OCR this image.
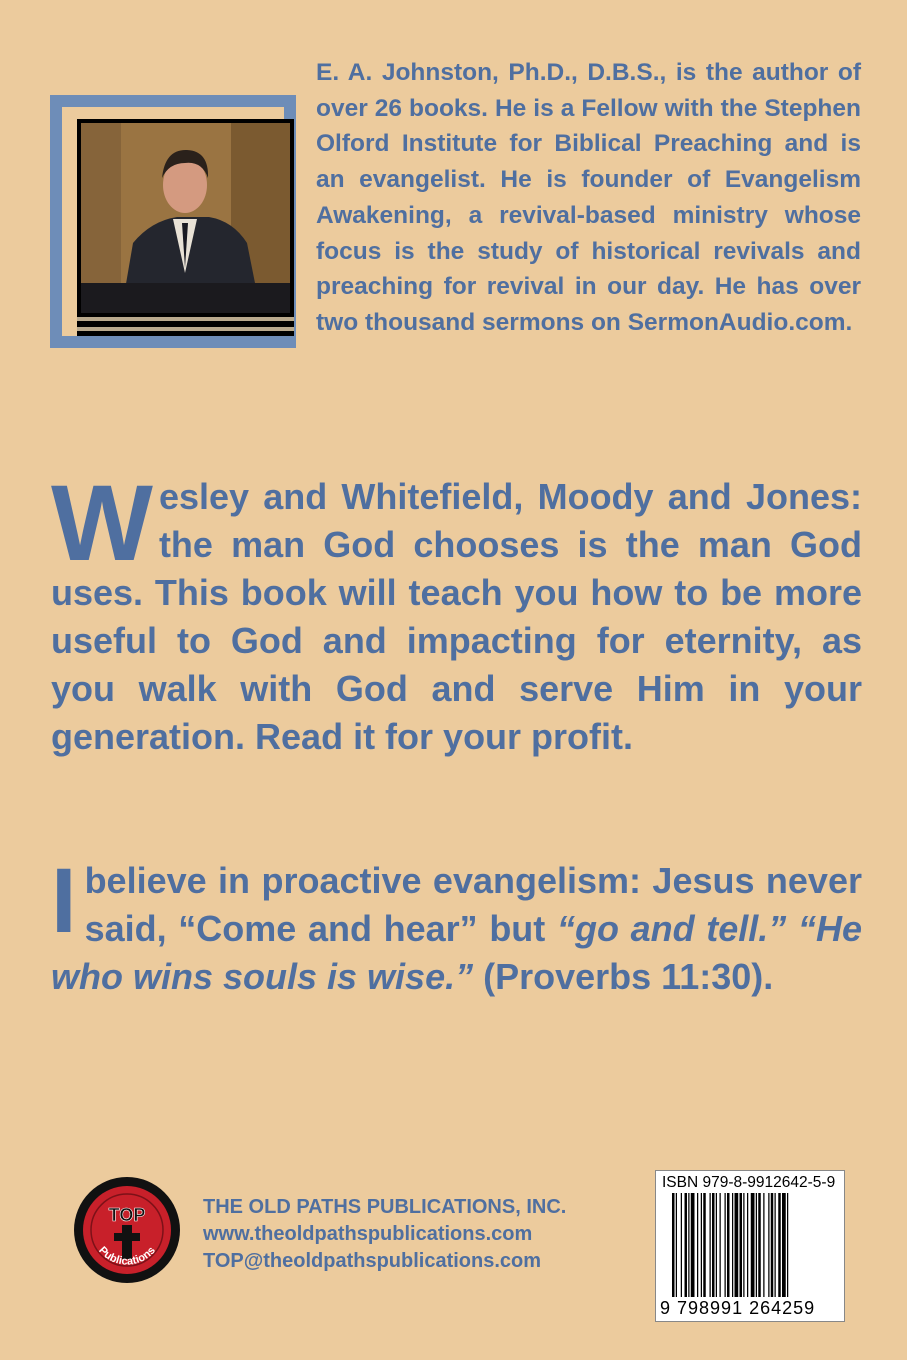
E. A. Johnston, Ph.D., D.B.S., is the author of over 26 books. He is a Fellow with the Stephen Olford Institute for Biblical Preaching and is an evangelist. He is founder of Evangelism Awakening, a revival-based ministry whose focus is the study of historical revivals and preaching for revival in our day. He has over two thousand sermons on SermonAudio.com.
Wesley and Whitefield, Moody and Jones: the man God chooses is the man God uses. This book will teach you how to be more useful to God and impacting for eternity, as you walk with God and serve Him in your generation. Read it for your profit.
Ibelieve in proactive evangelism: Jesus never said, “Come and hear” but “go and tell.” “He who wins souls is wise.” (Proverbs 11:30).
TOP
Publications
THE OLD PATHS PUBLICATIONS, INC.
www.theoldpathspublications.com
TOP@theoldpathspublications.com
ISBN 979-8-9912642-5-9
9 798991 264259
